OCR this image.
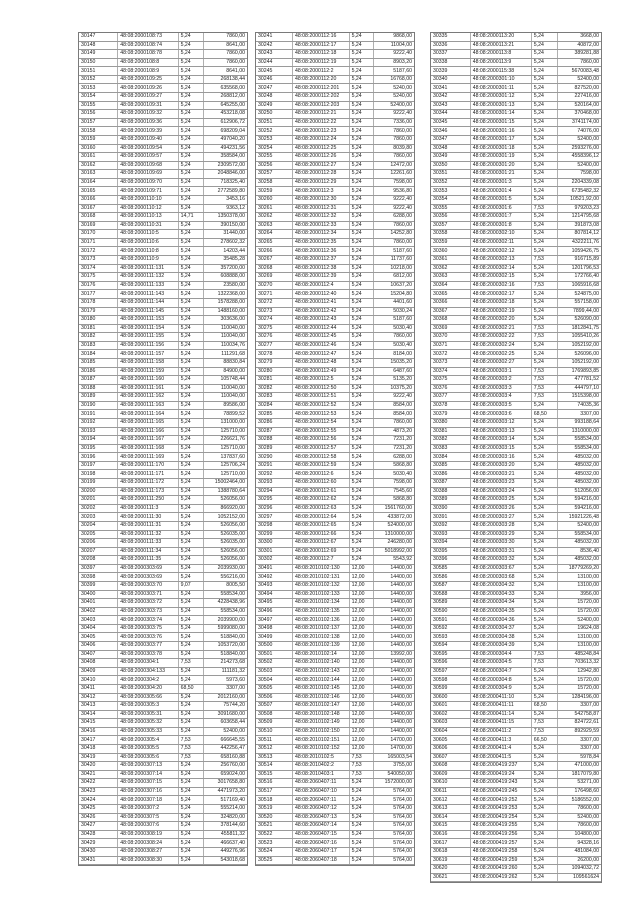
30147	48:08:2000108:73	5,24	7860,00
30148	48:08:2000108:74	5,24	8641,00
30149	48:08:2000108:78	5,24	7860,00
30150	48:08:2000108:8	5,24	7860,00
30151	48:08:2000108:9	5,24	8641,00
30152	48:08:2000109:25	5,24	268138,44
30153	48:08:2000109:26	5,24	635568,00
30154	48:08:2000109:27	5,24	268812,00
30155	48:08:2000109:31	5,24	645255,00
30156	48:08:2000109:32	5,24	453218,08
30157	48:08:2000109:36	5,24	612906,72
30158	48:08:2000109:39	5,24	698209,04
30159	48:08:2000109:40	5,24	497040,20
30160	48:08:2000109:54	5,24	494231,56
30161	48:08:2000109:57	5,24	358584,00
30162	48:08:2000109:68	5,24	2309572,00
30163	48:08:2000109:69	5,24	2048846,00
30164	48:08:2000109:70	5,24	718325,40
30165	48:08:2000109:71	5,24	2772589,80
30166	48:08:2000110:10	5,24	3453,16
30167	48:08:2000110:12	5,24	9363,12
30168	48:08:2000110:13	14,71	1350378,00
30169	48:08:2000110:31	5,24	390150,00
30170	48:08:2000110:5	5,24	31440,00
30171	48:08:2000110:6	5,24	278602,32
30172	48:08:2000110:8	5,24	14203,44
30173	48:08:2000110:9	5,24	35485,28
30174	48:08:2000111:131	5,24	357200,00
30175	48:08:2000111:132	5,24	608888,00
30176	48:08:2000111:133	5,24	23580,00
30177	48:08:2000111:143	5,24	1322368,00
30178	48:08:2000111:144	5,24	1578288,00
30179	48:08:2000111:145	5,24	1488160,00
30180	48:08:2000111:153	5,24	303636,00
30181	48:08:2000111:154	5,24	110040,00
30182	48:08:2000111:155	5,24	110040,00
30183	48:08:2000111:156	5,24	110034,76
30184	48:08:2000111:157	5,24	111291,68
30185	48:08:2000111:158	5,24	88830,84
30186	48:08:2000111:159	5,24	84900,00
30187	48:08:2000111:160	5,24	105748,44
30188	48:08:2000111:161	5,24	110040,00
30189	48:08:2000111:162	5,24	110040,00
30190	48:08:2000111:163	5,24	89586,00
30191	48:08:2000111:164	5,24	78899,52
30192	48:08:2000111:165	5,24	131000,00
30193	48:08:2000111:166	5,24	125710,00
30194	48:08:2000111:167	5,24	226621,76
30195	48:08:2000111:168	5,24	125710,00
30196	48:08:2000111:169	5,24	137837,60
30197	48:08:2000111:170	5,24	125706,24
30198	48:08:2000111:171	5,24	125710,00
30199	48:08:2000111:172	5,24	15002464,00
30200	48:08:2000111:173	5,24	1388780,64
30201	48:08:2000111:250	5,24	526056,00
30202	48:08:2000111:3	5,24	866920,00
30203	48:08:2000111:30	5,24	1052152,00
30204	48:08:2000111:31	5,24	526056,00
30205	48:08:2000111:32	5,24	526035,00
30206	48:08:2000111:33	5,24	526035,00
30207	48:08:2000111:34	5,24	526056,00
30208	48:08:2000111:35	5,24	526056,00
30397	48:08:2000303:69	5,24	2039930,00
30398	48:08:2000303:69	5,24	556216,00
30399	48:08:2000303:70	9,07	8005,50
30400	48:08:2000303:71	5,24	558534,00
30401	48:08:2000303:72	5,24	4228438,96
30402	48:08:2000303:73	5,24	558534,00
30403	48:08:2000303:74	5,24	2039900,00
30404	48:08:2000303:75	5,24	5999080,00
30405	48:08:2000303:76	5,24	518840,00
30406	48:08:2000303:77	5,24	1053720,00
30407	48:08:2000303:78	5,24	518840,00
30408	48:08:2000304:1	7,53	214273,68
30409	48:08:2000304:133	5,24	111181,32
30410	48:08:2000304:2	5,24	5973,60
30411	48:08:2000304:20	68,50	3307,00
30412	48:08:2000305:66	5,24	2012160,00
30413	48:08:2000305:3	5,24	75744,20
30414	48:08:2000305:31	5,24	3091680,00
30415	48:08:2000305:32	5,24	603658,44
30416	48:08:2000305:33	5,24	52400,00
30417	48:08:2000305:4	7,53	666645,55
30418	48:08:2000305:5	7,53	442256,47
30419	48:08:2000305:6	7,53	658160,88
30420	48:08:2000307:13	5,24	256760,00
30421	48:08:2000307:14	5,24	659024,00
30422	48:08:2000307:15	5,24	3017658,80
30423	48:08:2000307:16	5,24	4471973,20
30424	48:08:2000307:18	5,24	517169,40
30425	48:08:2000307:2	5,24	555214,00
30426	48:08:2000307:5	5,24	324820,00
30427	48:08:2000307:6	5,24	378144,60
30428	48:08:2000308:19	5,24	455811,32
30429	48:08:2000308:24	5,24	466637,40
30430	48:08:2000308:27	5,24	449276,96
30431	48:08:2000308:30	5,24	543018,68
30241	48:08:2000112:16	5,24	9868,00
30242	48:08:2000112:17	5,24	11004,00
30243	48:08:2000112:18	5,24	9222,40
30244	48:08:2000112:19	5,24	8903,20
30245	48:08:2000112:2	5,24	5187,60
30246	48:08:2000112:20	5,24	16768,00
30247	48:08:2000112:201	5,24	5240,00
30248	48:08:2000112:202	5,24	5240,00
30249	48:08:2000112:203	5,24	52400,00
30250	48:08:2000112:21	5,24	9222,40
30251	48:08:2000112:22	5,24	7336,00
30252	48:08:2000112:23	5,24	7860,00
30253	48:08:2000112:24	5,24	7860,00
30254	48:08:2000112:25	5,24	8039,80
30255	48:08:2000112:26	5,24	7860,00
30256	48:08:2000112:27	5,24	12472,00
30257	48:08:2000112:28	5,24	12261,60
30258	48:08:2000112:29	5,24	7598,00
30259	48:08:2000112:3	5,24	9536,80
30260	48:08:2000112:30	5,24	9222,40
30261	48:08:2000112:31	5,24	9222,40
30262	48:08:2000112:32	5,24	6288,00
30263	48:08:2000112:33	5,24	7860,00
30264	48:08:2000112:34	5,24	14252,80
30265	48:08:2000112:35	5,24	7860,00
30266	48:08:2000112:36	5,24	5187,60
30267	48:08:2000112:37	5,24	11737,60
30268	48:08:2000112:38	5,24	10218,00
30269	48:08:2000112:39	5,24	6812,00
30270	48:08:2000112:4	5,24	10637,20
30271	48:08:2000112:40	5,24	15204,80
30272	48:08:2000112:41	5,24	4401,60
30273	48:08:2000112:42	5,24	5030,24
30274	48:08:2000112:43	5,24	5187,60
30275	48:08:2000112:44	5,24	5030,40
30276	48:08:2000112:45	5,24	7860,00
30277	48:08:2000112:46	5,24	5030,40
30278	48:08:2000112:47	5,24	8184,00
30279	48:08:2000112:48	5,24	15035,20
30280	48:08:2000112:49	5,24	6487,60
30281	48:08:2000112:5	5,24	5135,20
30282	48:08:2000112:50	5,24	10375,20
30283	48:08:2000112:51	5,24	9222,40
30284	48:08:2000112:52	5,24	8584,00
30285	48:08:2000112:53	5,24	8584,00
30286	48:08:2000112:54	5,24	7860,00
30287	48:08:2000112:55	5,24	4873,20
30288	48:08:2000112:56	5,24	7231,20
30289	48:08:2000112:57	5,24	7231,20
30290	48:08:2000112:58	5,24	6288,00
30291	48:08:2000112:59	5,24	5868,80
30292	48:08:2000112:6	5,24	5030,40
30293	48:08:2000112:60	5,24	7598,00
30294	48:08:2000112:61	5,24	7545,60
30295	48:08:2000112:62	5,24	5868,80
30296	48:08:2000112:63	5,24	1561760,00
30297	48:08:2000112:64	5,24	433872,00
30298	48:08:2000112:65	5,24	524000,00
30299	48:08:2000112:66	5,24	1310000,00
30300	48:08:2000112:67	5,24	246280,00
30301	48:08:2000112:69	5,24	5018992,00
30302	48:08:2000112:7	5,24	5543,92
30491	48:08:2010102:130	12,00	14400,00
30492	48:08:2010102:131	12,00	14400,00
30493	48:08:2010102:132	12,00	14400,00
30494	48:08:2010102:133	12,00	14400,00
30495	48:08:2010102:134	12,00	14400,00
30496	48:08:2010102:135	12,00	14400,00
30497	48:08:2010102:136	12,00	14400,00
30498	48:08:2010102:137	12,00	14400,00
30499	48:08:2010102:138	12,00	14400,00
30500	48:08:2010102:139	12,00	14400,00
30501	48:08:2010102:14	12,00	13992,00
30502	48:08:2010102:140	12,00	14400,00
30503	48:08:2010102:143	12,00	14400,00
30504	48:08:2010102:144	12,00	14400,00
30505	48:08:2010102:145	12,00	14400,00
30506	48:08:2010102:146	12,00	14400,00
30507	48:08:2010102:147	12,00	14400,00
30508	48:08:2010102:148	12,00	14400,00
30509	48:08:2010102:149	12,00	14400,00
30510	48:08:2010102:150	12,00	14400,00
30511	48:08:2010102:151	12,00	14700,00
30512	48:08:2010102:152	12,00	14700,00
30513	48:08:2010102:5	7,53	165003,54
30514	48:08:2010402:2	7,53	3755,00
30515	48:08:2010403:1	7,53	540050,00
30516	48:08:2060407:11	5,24	1572000,00
30517	48:08:2060407:10	5,24	5764,00
30518	48:08:2060407:11	5,24	5764,00
30519	48:08:2060407:12	5,24	5764,00
30520	48:08:2060407:13	5,24	5764,00
30521	48:08:2060407:14	5,24	5764,00
30522	48:08:2060407:15	5,24	5764,00
30523	48:08:2060407:16	5,24	5764,00
30524	48:08:2060407:17	5,24	5764,00
30525	48:08:2060407:18	5,24	5764,00
30335	48:08:2000113:20	5,24	3668,00
30336	48:08:2000113:21	5,24	40872,00
30337	48:08:2000113:8	5,24	389281,88
30338	48:08:2000113:9	5,24	7860,00
30339	48:08:2000115:38	5,24	5670083,48
30340	48:08:2000301:10	5,24	52400,00
30341	48:08:2000301:11	5,24	827520,00
30342	48:08:2000301:12	5,24	227416,00
30343	48:08:2000301:13	5,24	520164,00
30344	48:08:2000301:14	5,24	370468,00
30345	48:08:2000301:15	5,24	3741174,00
30346	48:08:2000301:16	5,24	74076,00
30347	48:08:2000301:17	5,24	52400,00
30348	48:08:2000301:18	5,24	2593276,00
30349	48:08:2000301:19	5,24	4558396,12
30350	48:08:2000301:20	5,24	52400,00
30351	48:08:2000301:21	5,24	7598,00
30352	48:08:2000301:3	5,24	2204339,08
30353	48:08:2000301:4	5,24	6735482,32
30354	48:08:2000301:5	5,24	10521,92,00
30355	48:08:2000301:6	7,53	979203,23
30356	48:08:2000301:7	5,24	1214795,68
30357	48:08:2000301:8	5,24	391873,08
30358	48:08:2000302:10	5,24	807814,12
30359	48:08:2000302:11	5,24	4322211,76
30360	48:08:2000302:12	5,24	1059426,75
30361	48:08:2000302:13	7,53	916715,89
30362	48:08:2000302:14	5,24	1201796,53
30363	48:08:2000302:15	5,24	172766,40
30364	48:08:2000302:16	7,53	1065916,68
30365	48:08:2000302:17	5,24	524875,00
30366	48:08:2000302:18	5,24	557158,00
30367	48:08:2000302:19	5,24	7899,44,00
30368	48:08:2000302:20	5,24	526090,00
30369	48:08:2000302:21	7,53	1812841,75
30370	48:08:2000302:22	7,53	1055410,26
30371	48:08:2000302:24	5,24	1052192,00
30372	48:08:2000302:25	5,24	526096,00
30373	48:08:2000302:27	5,24	1052192,00
30374	48:08:2000303:1	7,53	1769893,85
30375	48:08:2000303:2	7,53	477781,52
30376	48:08:2000303:3	7,53	444797,10
30377	48:08:2000303:4	7,53	1515398,00
30378	48:08:2000303:5	5,24	74035,36
30379	48:08:2000303:6	68,50	3307,00
30380	48:08:2000303:12	5,24	993188,64
30381	48:08:2000303:13	5,24	1310000,00
30382	48:08:2000303:14	5,24	558534,00
30383	48:08:2000303:15	5,24	558534,00
30384	48:08:2000303:16	5,24	485032,00
30385	48:08:2000303:20	5,24	485032,00
30386	48:08:2000303:21	5,24	485032,00
30387	48:08:2000303:23	5,24	485032,00
30388	48:08:2000303:24	5,24	512056,00
30389	48:08:2000303:25	5,24	594216,00
30390	48:08:2000303:26	5,24	594216,00
30391	48:08:2000303:27	5,24	15921226,48
30392	48:08:2000303:28	5,24	52400,00
30393	48:08:2000303:29	5,24	558534,00
30394	48:08:2000303:30	5,24	485032,00
30395	48:08:2000303:31	5,24	8536,40
30396	48:08:2000303:32	5,24	485032,00
30585	48:08:2000303:67	5,24	18779269,20
30586	48:08:2000303:68	5,24	13100,00
30587	48:08:2000304:32	5,24	13100,00
30588	48:08:2000304:33	5,24	3956,00
30589	48:08:2000304:34	5,24	15720,00
30590	48:08:2000304:35	5,24	15720,00
30591	48:08:2000304:36	5,24	52400,00
30592	48:08:2000304:37	5,24	19624,08
30593	48:08:2000304:38	5,24	13100,00
30594	48:08:2000304:39	5,24	13100,00
30595	48:08:2000304:4	7,53	485248,84
30596	48:08:2000304:5	7,53	703613,32
30597	48:08:2000304:7	5,24	12942,80
30598	48:08:2000304:8	5,24	15720,00
30599	48:08:2000304:9	5,24	15720,00
30600	48:08:2000411:10	5,24	1284196,00
30601	48:08:2000411:11	68,50	3307,00
30602	48:08:2000411:14	5,24	542758,87
30603	48:08:2000411:15	7,53	824722,61
30604	48:08:2000411:2	7,53	892929,59
30605	48:08:2000411:3	66,50	3307,00
30606	48:08:2000411:4	5,24	3307,00
30607	48:08:2000411:5	5,24	5978,84
30608	48:08:2000419:237	5,24	471000,00
30609	48:08:2000419:24	5,24	1817079,80
30610	48:08:2000419:243	5,24	53271,00
30611	48:08:2000419:245	5,24	176498,60
30612	48:08:2000419:252	5,24	5186552,00
30613	48:08:2000419:253	5,24	78600,00
30614	48:08:2000419:254	5,24	52400,00
30615	48:08:2000419:255	5,24	78600,00
30616	48:08:2000419:256	5,24	104800,00
30617	48:08:2000419:257	5,24	94328,16
30618	48:08:2000419:258	5,24	481084,00
30619	48:08:2000419:259	5,24	26200,00
30620	48:08:2000419:260	5,24	1094032,72
30621	48:08:2000419:262	5,24	109561624
